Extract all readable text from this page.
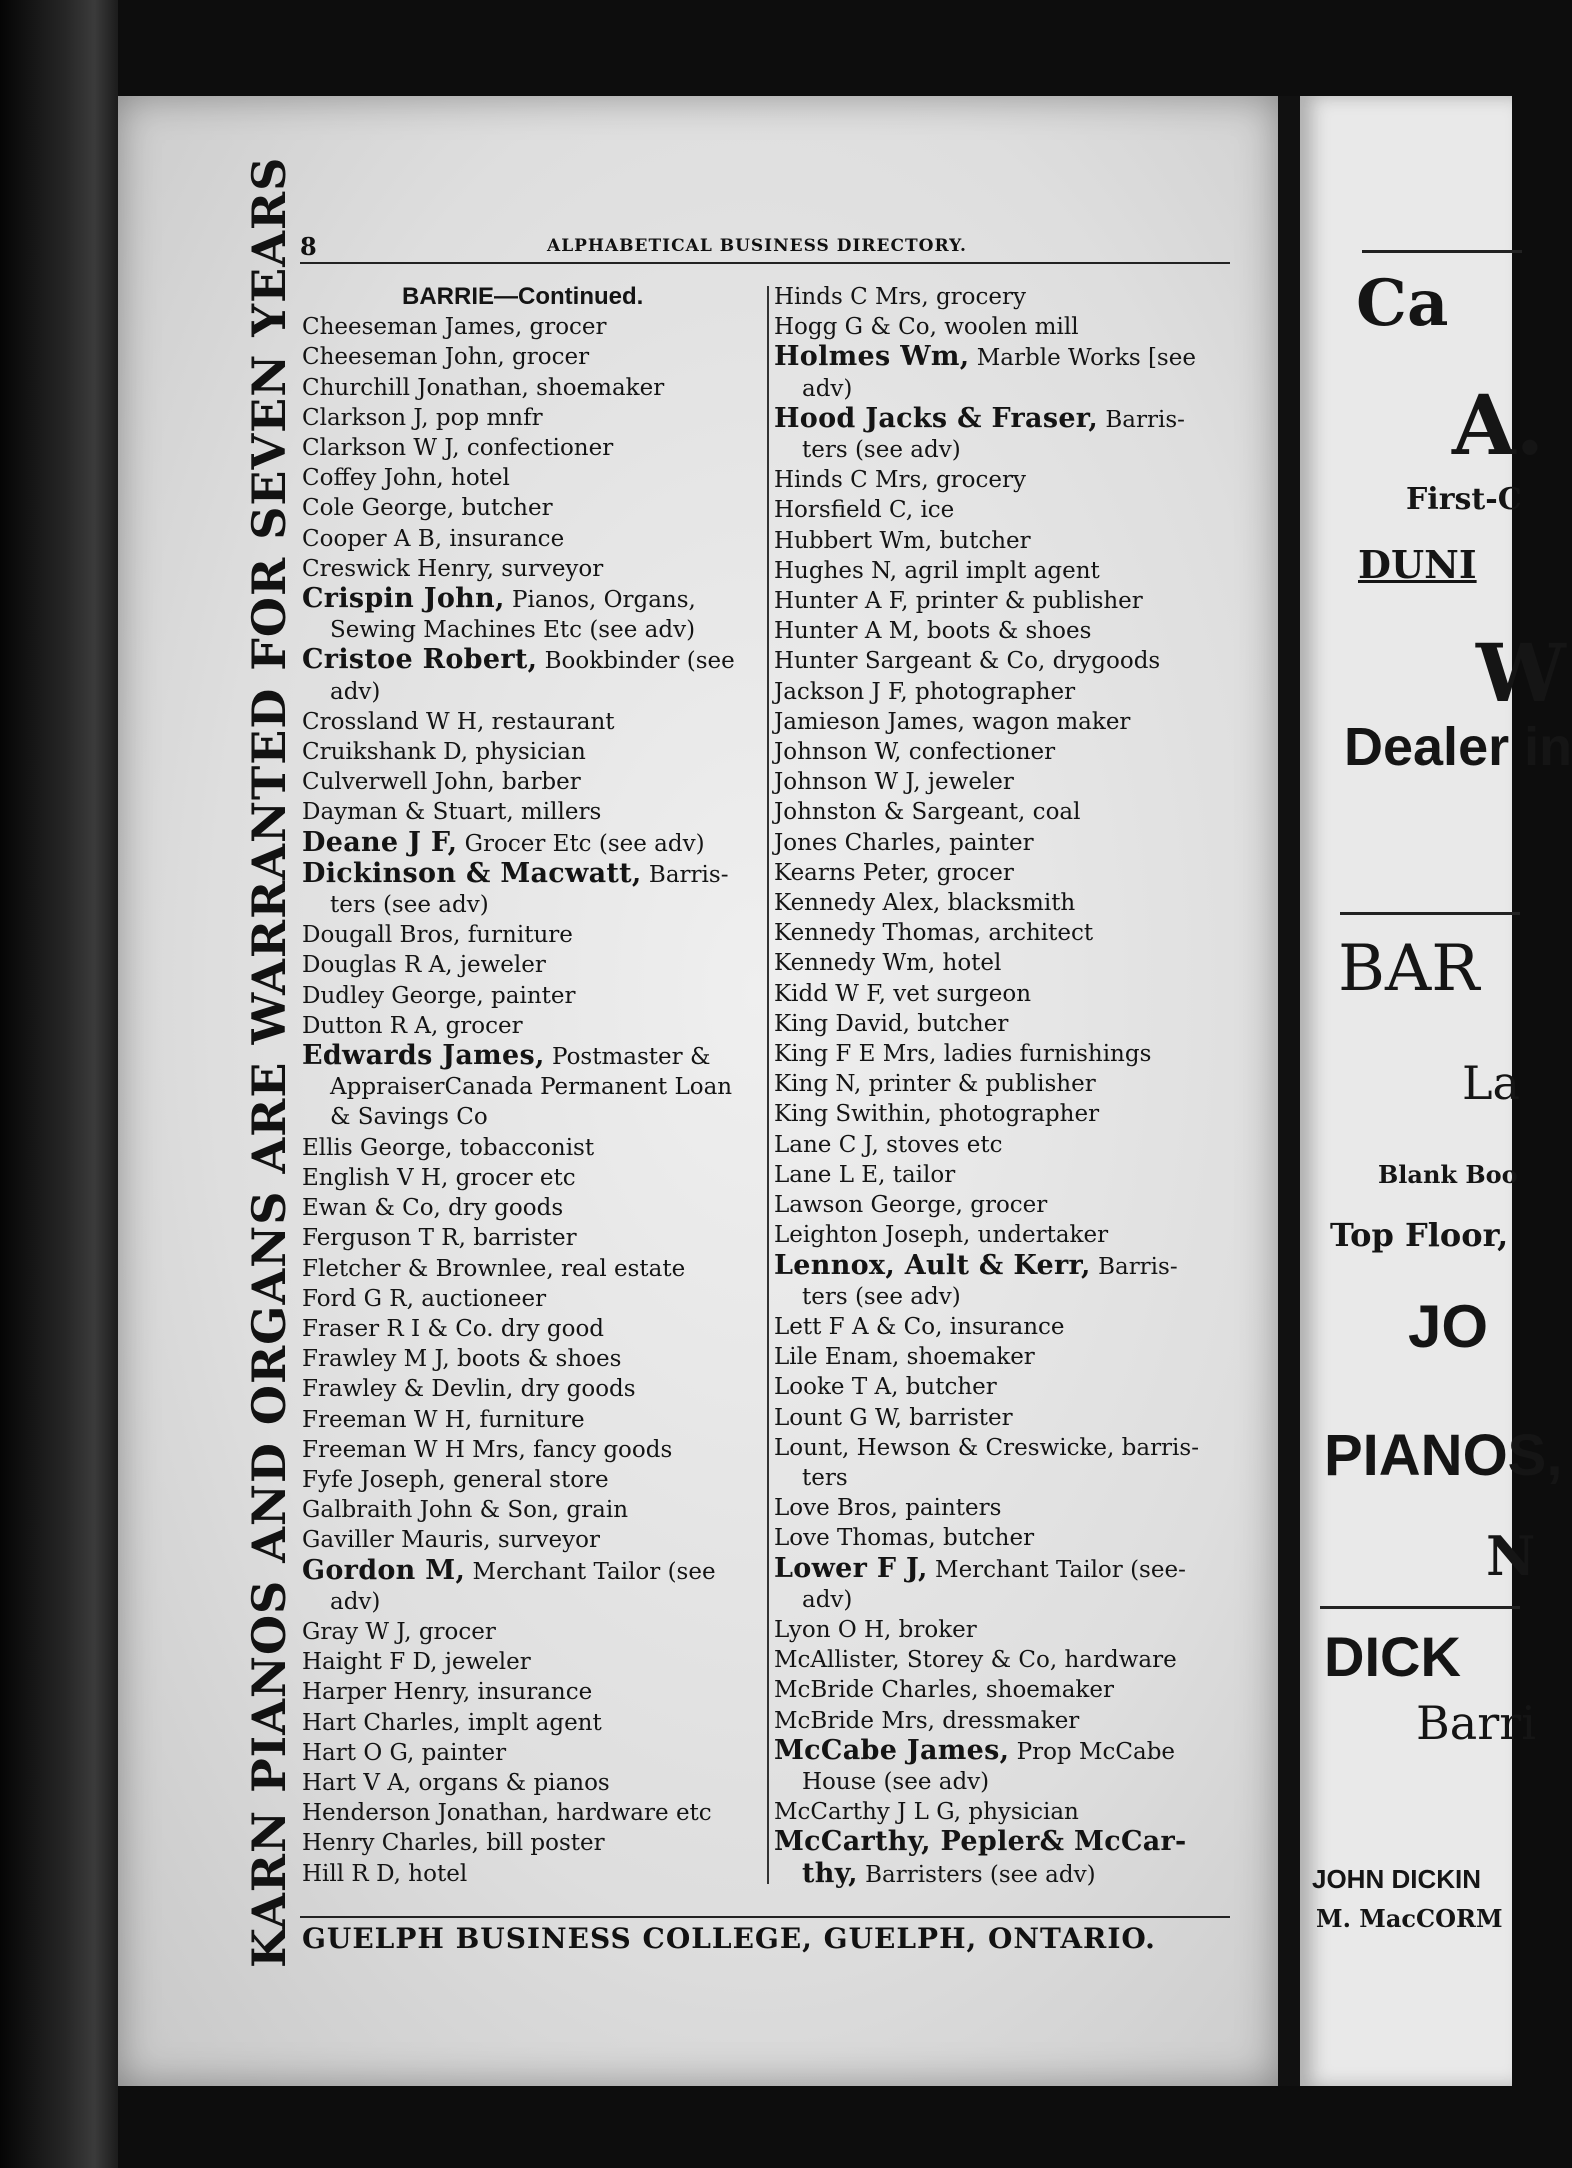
Ca
A.
First-C
DUNI
W
Dealer in
BAR
La
Blank Boo
Top Floor,
JO
PIANOS,
N
DICK
Barri
JOHN DICKIN
M. MacCORM
KARN PIANOS AND ORGANS ARE WARRANTED FOR SEVEN YEARS 8	ALPHABETICAL BUSINESS DIRECTORY.
BARRIE—Continued.
Cheeseman James, grocer
Cheeseman John, grocer
Churchill Jonathan, shoemaker
Clarkson J, pop mnfr
Clarkson W J, confectioner
Coffey John, hotel
Cole George, butcher
Cooper A B, insurance
Creswick Henry, surveyor
Crispin John, Pianos, Organs,
Sewing Machines Etc (see adv)
Cristoe Robert, Bookbinder (see
adv)
Crossland W H, restaurant
Cruikshank D, physician
Culverwell John, barber
Dayman & Stuart, millers
Deane J F, Grocer Etc (see adv)
Dickinson & Macwatt, Barris-
ters (see adv)
Dougall Bros, furniture
Douglas R A, jeweler
Dudley George, painter
Dutton R A, grocer
Edwards James, Postmaster &
AppraiserCanada Permanent Loan
& Savings Co
Ellis George, tobacconist
English V H, grocer etc
Ewan & Co, dry goods
Ferguson T R, barrister
Fletcher & Brownlee, real estate
Ford G R, auctioneer
Fraser R I & Co. dry good
Frawley M J, boots & shoes
Frawley & Devlin, dry goods
Freeman W H, furniture
Freeman W H Mrs, fancy goods
Fyfe Joseph, general store
Galbraith John & Son, grain
Gaviller Mauris, surveyor
Gordon M, Merchant Tailor (see
adv)
Gray W J, grocer
Haight F D, jeweler
Harper Henry, insurance
Hart Charles, implt agent
Hart O G, painter
Hart V A, organs & pianos
Henderson Jonathan, hardware etc
Henry Charles, bill poster
Hill R D, hotel
Hinds C Mrs, grocery
Hogg G & Co, woolen mill
Holmes Wm, Marble Works [see
adv)
Hood Jacks & Fraser, Barris-
ters (see adv)
Hinds C Mrs, grocery
Horsfield C, ice
Hubbert Wm, butcher
Hughes N, agril implt agent
Hunter A F, printer & publisher
Hunter A M, boots & shoes
Hunter Sargeant & Co, drygoods
Jackson J F, photographer
Jamieson James, wagon maker
Johnson W, confectioner
Johnson W J, jeweler
Johnston & Sargeant, coal
Jones Charles, painter
Kearns Peter, grocer
Kennedy Alex, blacksmith
Kennedy Thomas, architect
Kennedy Wm, hotel
Kidd W F, vet surgeon
King David, butcher
King F E Mrs, ladies furnishings
King N, printer & publisher
King Swithin, photographer
Lane C J, stoves etc
Lane L E, tailor
Lawson George, grocer
Leighton Joseph, undertaker
Lennox, Ault & Kerr, Barris-
ters (see adv)
Lett F A & Co, insurance
Lile Enam, shoemaker
Looke T A, butcher
Lount G W, barrister
Lount, Hewson & Creswicke, barris-
ters
Love Bros, painters
Love Thomas, butcher
Lower F J, Merchant Tailor (see-
adv)
Lyon O H, broker
McAllister, Storey & Co, hardware
McBride Charles, shoemaker
McBride Mrs, dressmaker
McCabe James, Prop McCabe
House (see adv)
McCarthy J L G, physician
McCarthy, Pepler& McCar-
thy, Barristers (see adv)
GUELPH BUSINESS COLLEGE, GUELPH, ONTARIO.
